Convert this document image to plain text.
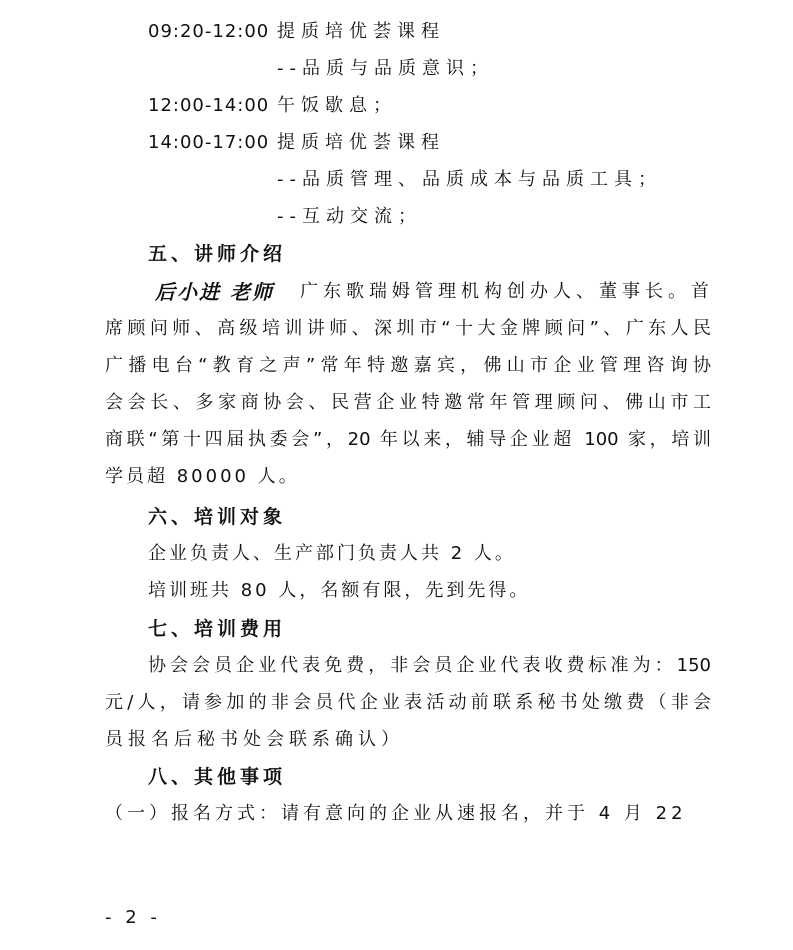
09:20-12:00 提质培优荟课程
--品质与品质意识；
12:00-14:00 午饭歇息；
14:00-17:00 提质培优荟课程
--品质管理、品质成本与品质工具；
--互动交流；
五、讲师介绍
后小进 老师 广东歌瑞姆管理机构创办人、董事长。首
席顾问师、高级培训讲师、深圳市“十大金牌顾问”、广东人民
广播电台“教育之声”常年特邀嘉宾，佛山市企业管理咨询协
会会长、多家商协会、民营企业特邀常年管理顾问、佛山市工
商联“第十四届执委会”，20 年以来，辅导企业超 100 家，培训
学员超 80000 人。
六、培训对象
企业负责人、生产部门负责人共 2 人。
培训班共 80 人，名额有限，先到先得。
七、培训费用
协会会员企业代表免费，非会员企业代表收费标准为：150
元/人，请参加的非会员代企业表活动前联系秘书处缴费（非会
员报名后秘书处会联系确认）
八、其他事项
（一）报名方式：请有意向的企业从速报名，并于 4 月 22
- 2 -
